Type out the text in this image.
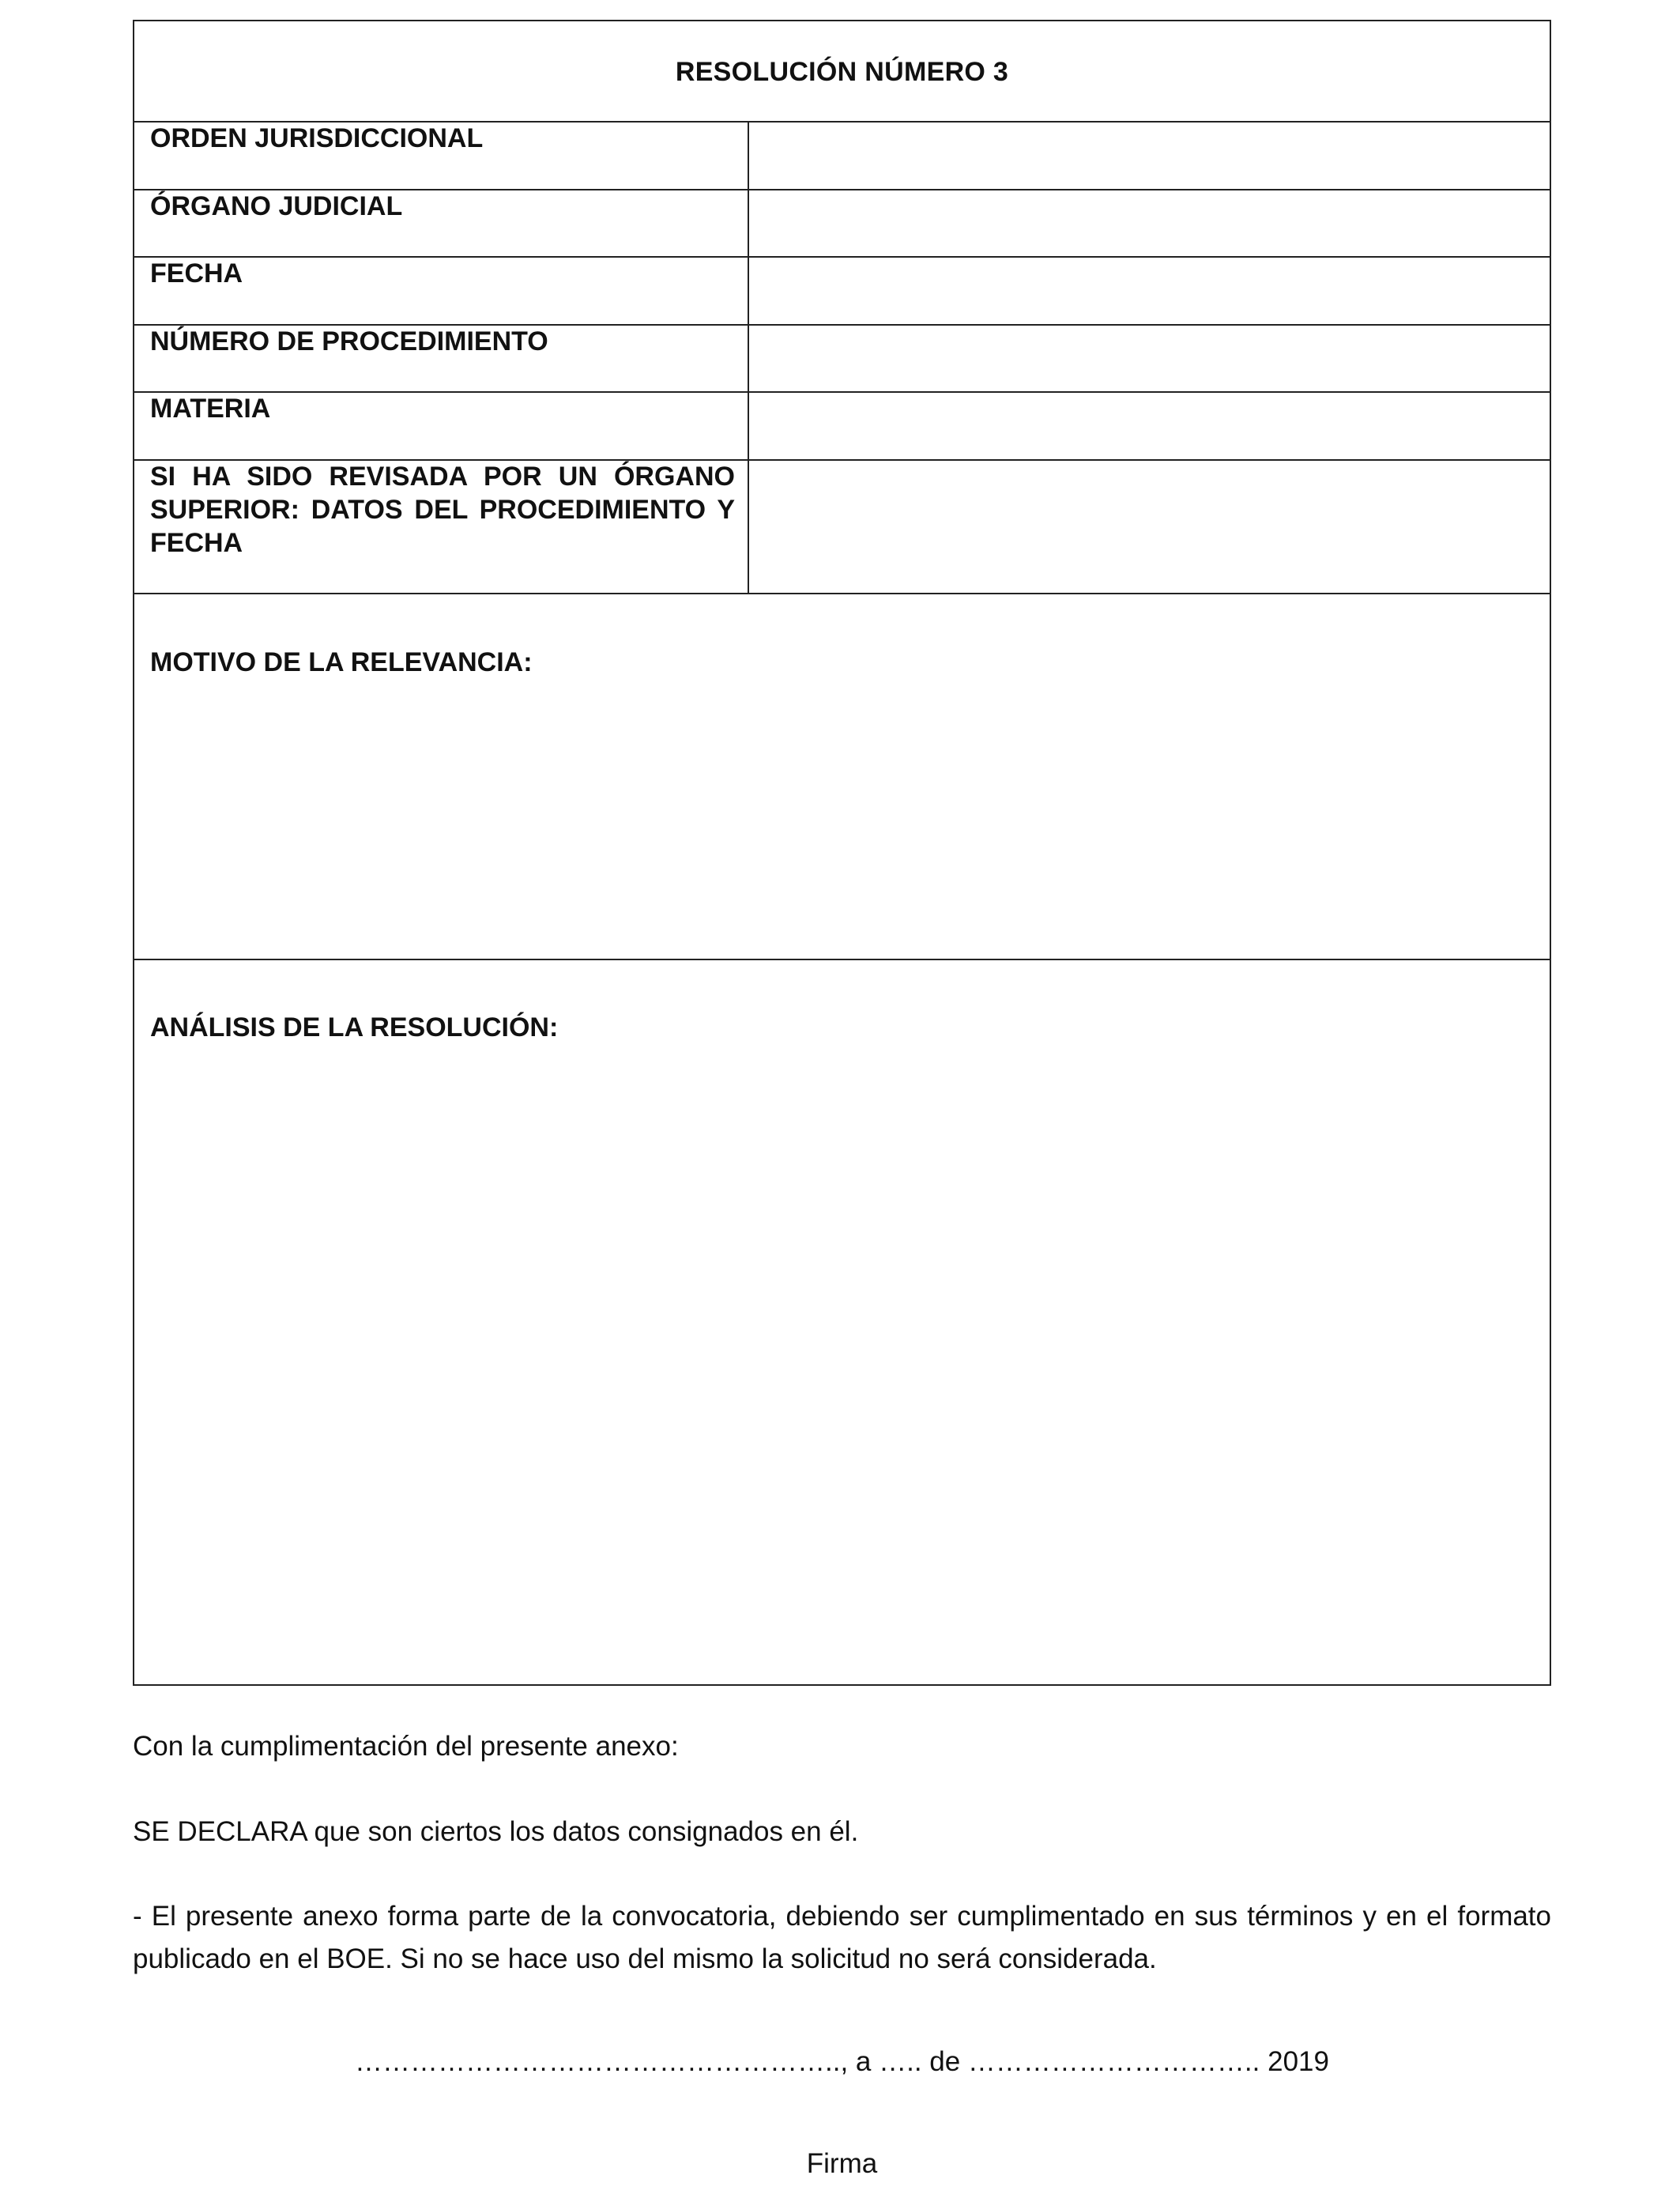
RESOLUCIÓN NÚMERO 3
ORDEN JURISDICCIONAL
ÓRGANO JUDICIAL
FECHA
NÚMERO DE PROCEDIMIENTO
MATERIA
SI HA SIDO REVISADA POR UN ÓRGANO SUPERIOR: DATOS DEL PROCEDIMIENTO Y FECHA
MOTIVO DE LA RELEVANCIA:
ANÁLISIS DE LA RESOLUCIÓN:
Con la cumplimentación del presente anexo:
SE DECLARA que son ciertos los datos consignados en él.
- El presente anexo forma parte de la convocatoria, debiendo ser cumplimentado en sus términos y en el formato publicado en el BOE. Si no se hace uso del mismo la solicitud no será considerada.
…………………………………………….., a ….. de ………………………….. 2019
Firma
